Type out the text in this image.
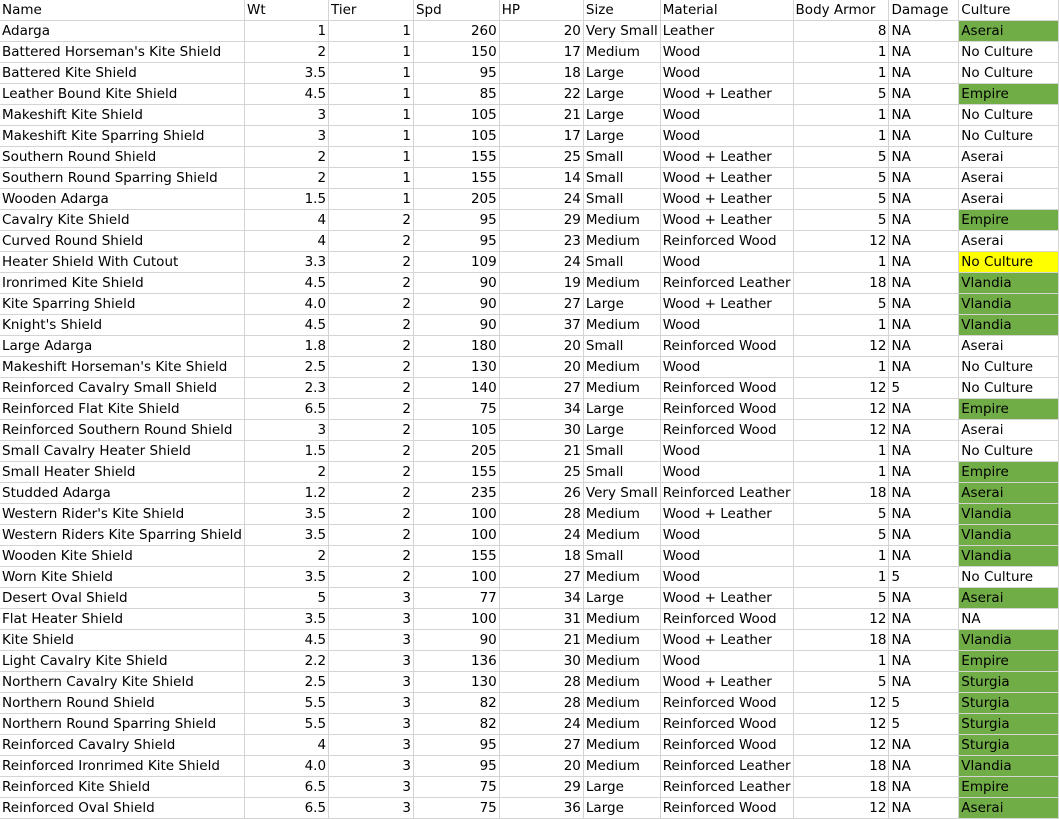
Name	Wt	Tier	Spd	HP	Size	Material	Body Armor	Damage	Culture
Adarga	1	1	260	20	Very Small	Leather	8	NA	Aserai
Battered Horseman's Kite Shield	2	1	150	17	Medium	Wood	1	NA	No Culture
Battered Kite Shield	3.5	1	95	18	Large	Wood	1	NA	No Culture
Leather Bound Kite Shield	4.5	1	85	22	Large	Wood + Leather	5	NA	Empire
Makeshift Kite Shield	3	1	105	21	Large	Wood	1	NA	No Culture
Makeshift Kite Sparring Shield	3	1	105	17	Large	Wood	1	NA	No Culture
Southern Round Shield	2	1	155	25	Small	Wood + Leather	5	NA	Aserai
Southern Round Sparring Shield	2	1	155	14	Small	Wood + Leather	5	NA	Aserai
Wooden Adarga	1.5	1	205	24	Small	Wood + Leather	5	NA	Aserai
Cavalry Kite Shield	4	2	95	29	Medium	Wood + Leather	5	NA	Empire
Curved Round Shield	4	2	95	23	Medium	Reinforced Wood	12	NA	Aserai
Heater Shield With Cutout	3.3	2	109	24	Small	Wood	1	NA	No Culture
Ironrimed Kite Shield	4.5	2	90	19	Medium	Reinforced Leather	18	NA	Vlandia
Kite Sparring Shield	4.0	2	90	27	Large	Wood + Leather	5	NA	Vlandia
Knight's Shield	4.5	2	90	37	Medium	Wood	1	NA	Vlandia
Large Adarga	1.8	2	180	20	Small	Reinforced Wood	12	NA	Aserai
Makeshift Horseman's Kite Shield	2.5	2	130	20	Medium	Wood	1	NA	No Culture
Reinforced Cavalry Small Shield	2.3	2	140	27	Medium	Reinforced Wood	12	5	No Culture
Reinforced Flat Kite Shield	6.5	2	75	34	Large	Reinforced Wood	12	NA	Empire
Reinforced Southern Round Shield	3	2	105	30	Large	Reinforced Wood	12	NA	Aserai
Small Cavalry Heater Shield	1.5	2	205	21	Small	Wood	1	NA	No Culture
Small Heater Shield	2	2	155	25	Small	Wood	1	NA	Empire
Studded Adarga	1.2	2	235	26	Very Small	Reinforced Leather	18	NA	Aserai
Western Rider's Kite Shield	3.5	2	100	28	Medium	Wood + Leather	5	NA	Vlandia
Western Riders Kite Sparring Shield	3.5	2	100	24	Medium	Wood	5	NA	Vlandia
Wooden Kite Shield	2	2	155	18	Small	Wood	1	NA	Vlandia
Worn Kite Shield	3.5	2	100	27	Medium	Wood	1	5	No Culture
Desert Oval Shield	5	3	77	34	Large	Wood + Leather	5	NA	Aserai
Flat Heater Shield	3.5	3	100	31	Medium	Reinforced Wood	12	NA	NA
Kite Shield	4.5	3	90	21	Medium	Wood + Leather	18	NA	Vlandia
Light Cavalry Kite Shield	2.2	3	136	30	Medium	Wood	1	NA	Empire
Northern Cavalry Kite Shield	2.5	3	130	28	Medium	Wood + Leather	5	NA	Sturgia
Northern Round Shield	5.5	3	82	28	Medium	Reinforced Wood	12	5	Sturgia
Northern Round Sparring Shield	5.5	3	82	24	Medium	Reinforced Wood	12	5	Sturgia
Reinforced Cavalry Shield	4	3	95	27	Medium	Reinforced Wood	12	NA	Sturgia
Reinforced Ironrimed Kite Shield	4.0	3	95	20	Medium	Reinforced Leather	18	NA	Vlandia
Reinforced Kite Shield	6.5	3	75	29	Large	Reinforced Leather	18	NA	Empire
Reinforced Oval Shield	6.5	3	75	36	Large	Reinforced Wood	12	NA	Aserai
